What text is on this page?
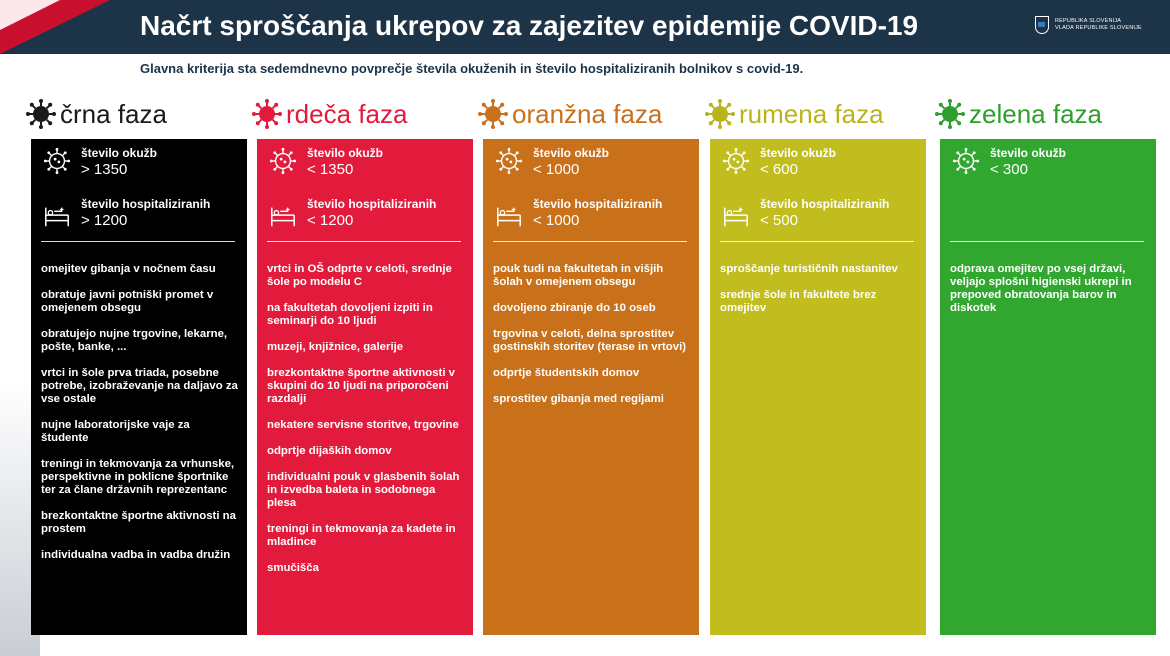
Načrt sproščanja ukrepov za zajezitev epidemije COVID-19	REPUBLIKA SLOVENIJA
VLADA REPUBLIKE SLOVENIJE
Glavna kriterija sta sedemdnevno povprečje števila okuženih in število hospitaliziranih bolnikov s covid-19.
črna faza
število okužb
> 1350
število hospitaliziranih
> 1200
omejitev gibanja v nočnem času
obratuje javni potniški promet v omejenem obsegu
obratujejo nujne trgovine, lekarne, pošte, banke, ...
vrtci in šole prva triada, posebne potrebe, izobraževanje na daljavo za vse ostale
nujne laboratorijske vaje za študente
treningi in tekmovanja za vrhunske, perspektivne in poklicne športnike ter za člane državnih reprezentanc
brezkontaktne športne aktivnosti na prostem
individualna vadba in vadba družin
rdeča faza
število okužb
< 1350
število hospitaliziranih
< 1200
vrtci in OŠ odprte v celoti, srednje šole po modelu C
na fakultetah dovoljeni izpiti in seminarji do 10 ljudi
muzeji, knjižnice, galerije
brezkontaktne športne aktivnosti v skupini do 10 ljudi na priporočeni razdalji
nekatere servisne storitve, trgovine
odprtje dijaških domov
individualni pouk v glasbenih šolah in izvedba baleta in sodobnega plesa
treningi in tekmovanja za kadete in mladince
smučišča
oranžna faza
število okužb
< 1000
število hospitaliziranih
< 1000
pouk tudi na fakultetah in višjih šolah v omejenem obsegu
dovoljeno zbiranje do 10 oseb
trgovina v celoti, delna sprostitev gostinskih storitev (terase in vrtovi)
odprtje študentskih domov
sprostitev gibanja med regijami
rumena faza
število okužb
< 600
število hospitaliziranih
< 500
sproščanje turističnih nastanitev
srednje šole in fakultete brez omejitev
zelena faza
število okužb
< 300
odprava omejitev po vsej državi, veljajo splošni higienski ukrepi in prepoved obratovanja barov in diskotek
